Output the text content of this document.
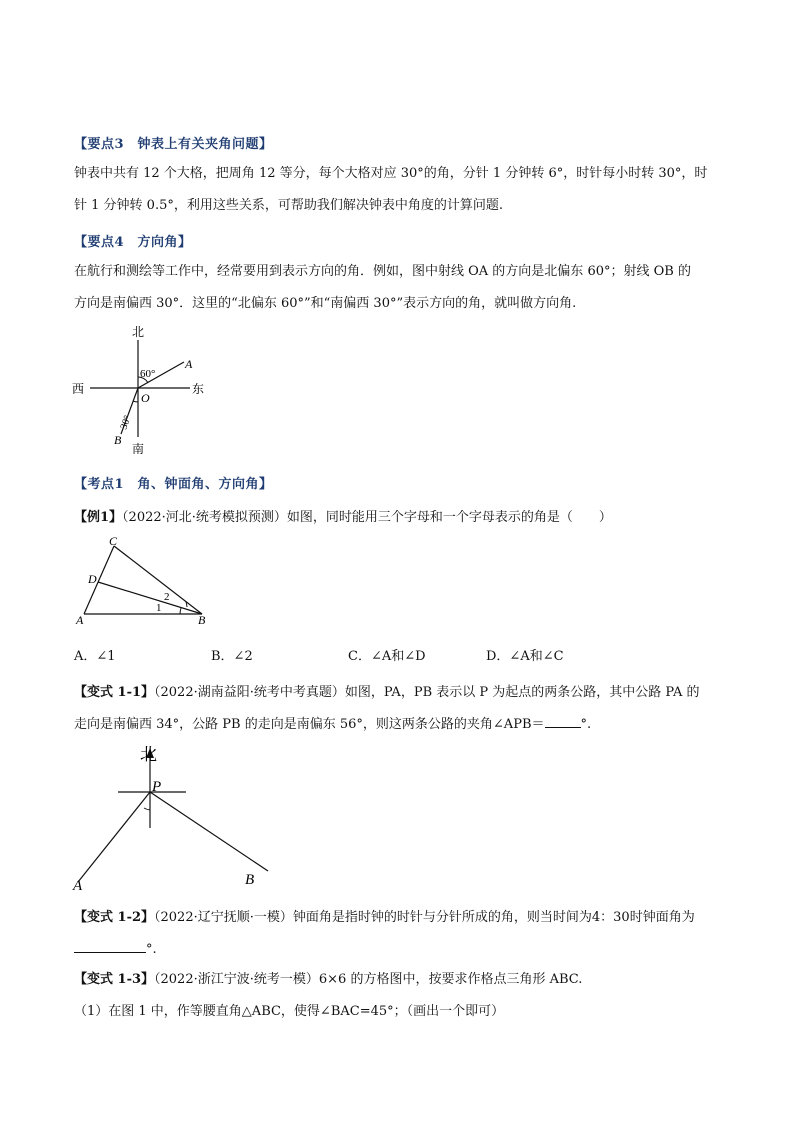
【要点3　钟表上有关夹角问题】
钟表中共有 12 个大格，把周角 12 等分，每个大格对应 30°的角，分针 1 分钟转 6°，时针每小时转 30°，时
针 1 分钟转 0.5°，利用这些关系，可帮助我们解决钟表中角度的计算问题.
【要点4　方向角】
在航行和测绘等工作中，经常要用到表示方向的角．例如，图中射线 OA 的方向是北偏东 60°；射线 OB 的
方向是南偏西 30°．这里的“北偏东 60°”和“南偏西 30°”表示方向的角，就叫做方向角.
北
南
西	东
O
A
B
60°
30°
【考点1　角、钟面角、方向角】
【例1】（2022·河北·统考模拟预测）如图，同时能用三个字母和一个字母表示的角是（　　）
C
D
A	B
1
2
A．∠1	B．∠2	C．∠A和∠D	D．∠A和∠C
【变式 1-1】（2022·湖南益阳·统考中考真题）如图，PA，PB 表示以 P 为起点的两条公路，其中公路 PA 的
走向是南偏西 34°，公路 PB 的走向是南偏东 56°，则这两条公路的夹角∠APB＝	°.
北
P
A	B
【变式 1-2】（2022·辽宁抚顺·一模）钟面角是指时钟的时针与分针所成的角，则当时间为4：30时钟面角为
°.
【变式 1-3】（2022·浙江宁波·统考一模）6×6 的方格图中，按要求作格点三角形 ABC.
（1）在图 1 中，作等腰直角△ABC，使得∠BAC=45°；（画出一个即可）
